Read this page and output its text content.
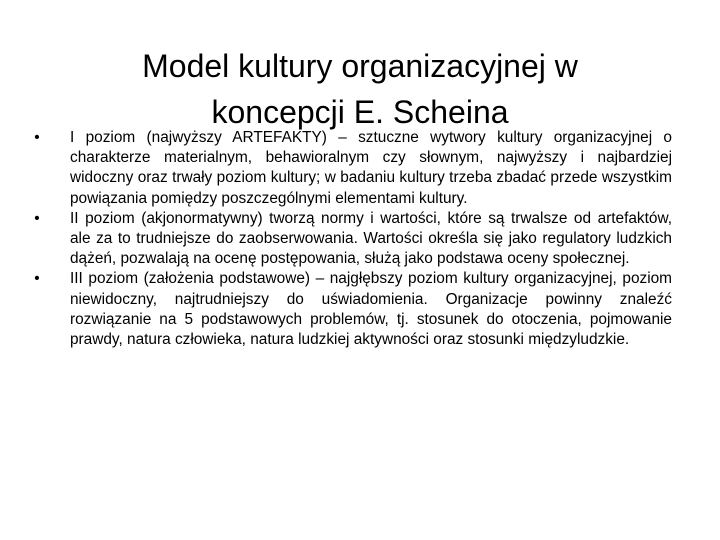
Model kultury organizacyjnej w
koncepcji E. Scheina
• I poziom (najwyższy ARTEFAKTY) – sztuczne wytwory kultury organizacyjnej o charakterze materialnym, behawioralnym czy słownym, najwyższy i najbardziej widoczny oraz trwały poziom kultury; w badaniu kultury trzeba zbadać przede wszystkim powiązania pomiędzy poszczególnymi elementami kultury.
• II poziom (akjonormatywny) tworzą normy i wartości, które są trwalsze od artefaktów, ale za to trudniejsze do zaobserwowania. Wartości określa się jako regulatory ludzkich dążeń, pozwalają na ocenę postępowania, służą jako podstawa oceny społecznej.
• III poziom (założenia podstawowe) – najgłębszy poziom kultury organizacyjnej, poziom niewidoczny, najtrudniejszy do uświadomienia. Organizacje powinny znaleźć rozwiązanie na 5 podstawowych problemów, tj. stosunek do otoczenia, pojmowanie prawdy, natura człowieka, natura ludzkiej aktywności oraz stosunki międzyludzkie.
